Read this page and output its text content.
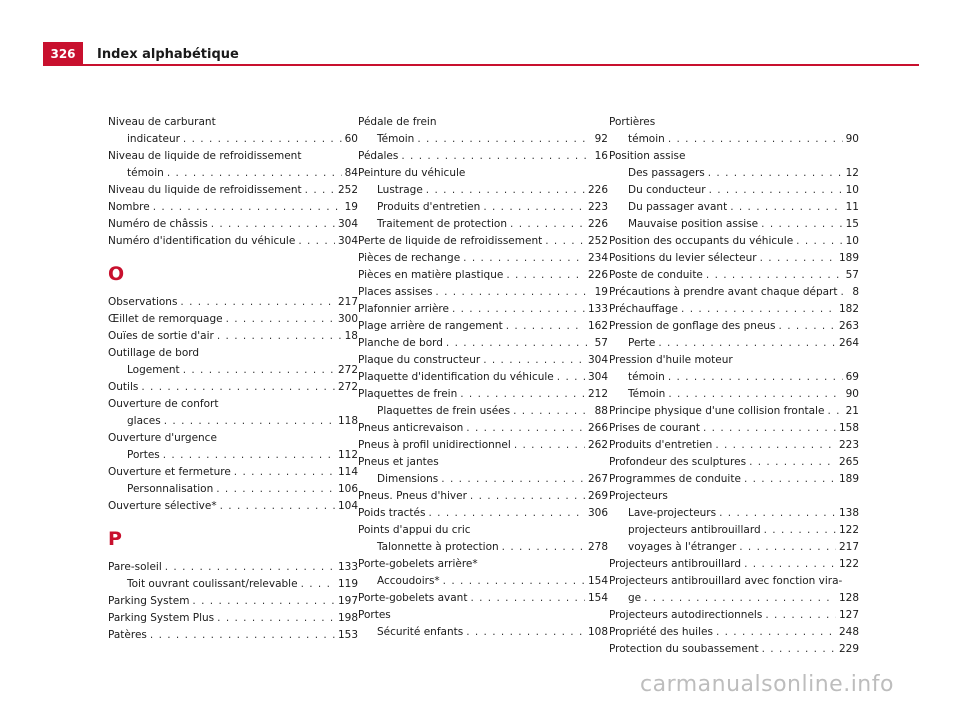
326	Index alphabétique
Niveau de carburant
indicateur . . .	60
Niveau de liquide de refroidissement
témoin . . .	84
Niveau du liquide de refroidissement . . .	252
Nombre . . .	19
Numéro de châssis . . .	304
Numéro d'identification du véhicule . . .	304
O
Observations . . .	217
Œillet de remorquage . . .	300
Ouïes de sortie d'air . . .	18
Outillage de bord
Logement . . .	272
Outils . . .	272
Ouverture de confort
glaces . . .	118
Ouverture d'urgence
Portes . . .	112
Ouverture et fermeture . . .	114
Personnalisation . . .	106
Ouverture sélective* . . .	104
P
Pare-soleil . . .	133
Toit ouvrant coulissant/relevable . . .	119
Parking System . . .	197
Parking System Plus . . .	198
Patères . . .	153
Pédale de frein
Témoin . . .	92
Pédales . . .	16
Peinture du véhicule
Lustrage . . .	226
Produits d'entretien . . .	223
Traitement de protection . . .	226
Perte de liquide de refroidissement . . .	252
Pièces de rechange . . .	234
Pièces en matière plastique . . .	226
Places assises . . .	19
Plafonnier arrière . . .	133
Plage arrière de rangement . . .	162
Planche de bord . . .	57
Plaque du constructeur . . .	304
Plaquette d'identification du véhicule . . .	304
Plaquettes de frein . . .	212
Plaquettes de frein usées . . .	88
Pneus anticrevaison . . .	266
Pneus à profil unidirectionnel . . .	262
Pneus et jantes
Dimensions . . .	267
Pneus. Pneus d'hiver . . .	269
Poids tractés . . .	306
Points d'appui du cric
Talonnette à protection . . .	278
Porte-gobelets arrière*
Accoudoirs* . . .	154
Porte-gobelets avant . . .	154
Portes
Sécurité enfants . . .	108
Portières
témoin . . .	90
Position assise
Des passagers . . .	12
Du conducteur . . .	10
Du passager avant . . .	11
Mauvaise position assise . . .	15
Position des occupants du véhicule . . .	10
Positions du levier sélecteur . . .	189
Poste de conduite . . .	57
Précautions à prendre avant chaque départ . . . 8
Préchauffage . . .	182
Pression de gonflage des pneus . . .	263
Perte . . .	264
Pression d'huile moteur
témoin . . .	69
Témoin . . .	90
Principe physique d'une collision frontale . . . 21
Prises de courant . . .	158
Produits d'entretien . . .	223
Profondeur des sculptures . . .	265
Programmes de conduite . . .	189
Projecteurs
Lave-projecteurs . . .	138
projecteurs antibrouillard . . .	122
voyages à l'étranger . . .	217
Projecteurs antibrouillard . . .	122
Projecteurs antibrouillard avec fonction vira-
ge . . .	128
Projecteurs autodirectionnels . . .	127
Propriété des huiles . . .	248
Protection du soubassement . . .	229
carmanualsonline.info
